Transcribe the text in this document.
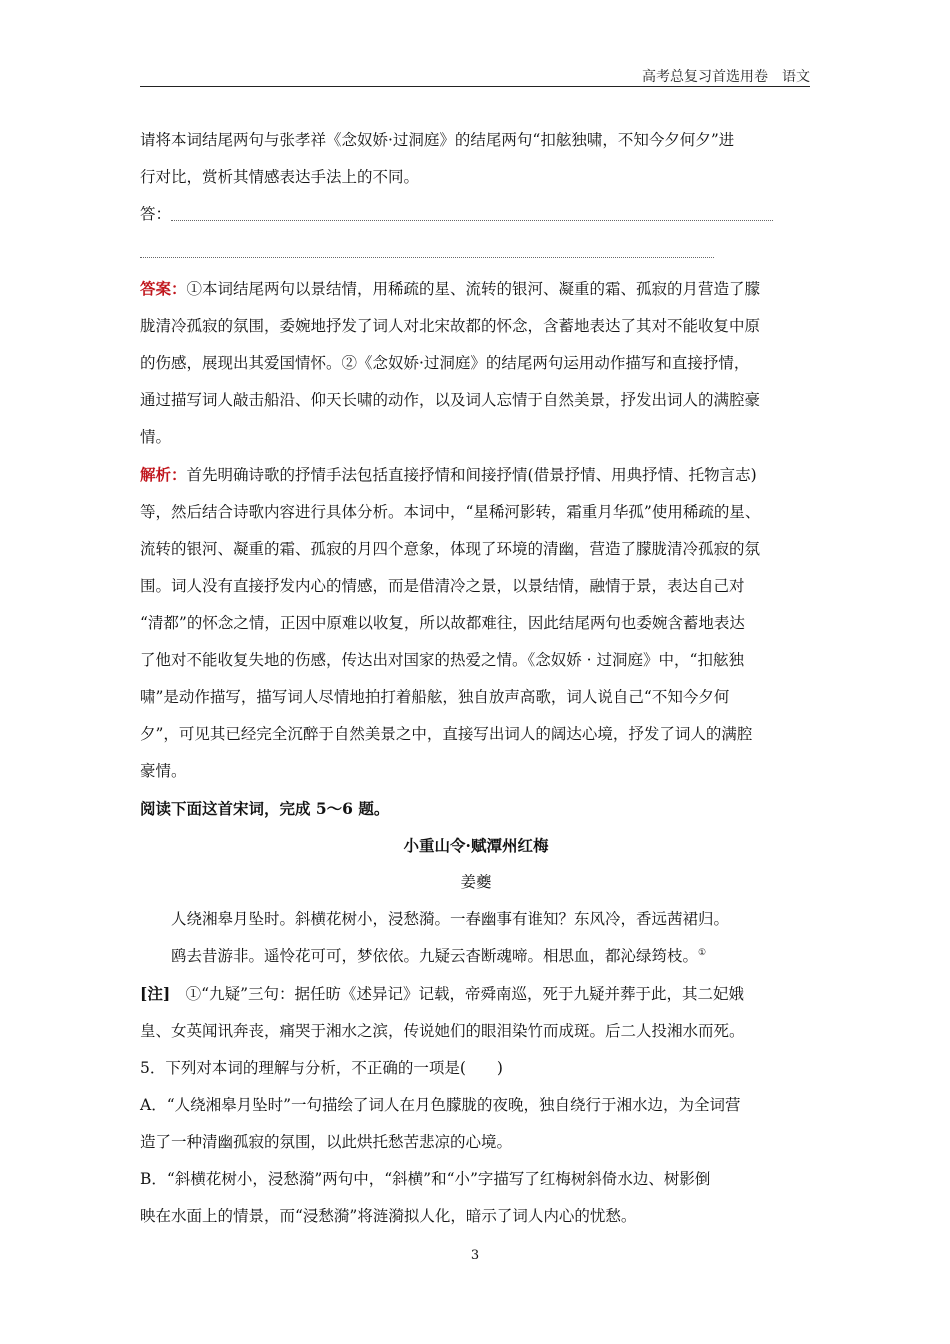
高考总复习首选用卷　语文

请将本词结尾两句与张孝祥《念奴娇·过洞庭》的结尾两句“扣舷独啸，不知今夕何夕”进

行对比，赏析其情感表达手法上的不同。

答：

答案：①本词结尾两句以景结情，用稀疏的星、流转的银河、凝重的霜、孤寂的月营造了朦

胧清冷孤寂的氛围，委婉地抒发了词人对北宋故都的怀念，含蓄地表达了其对不能收复中原

的伤感，展现出其爱国情怀。②《念奴娇·过洞庭》的结尾两句运用动作描写和直接抒情，

通过描写词人敲击船沿、仰天长啸的动作，以及词人忘情于自然美景，抒发出词人的满腔豪

情。

解析：首先明确诗歌的抒情手法包括直接抒情和间接抒情(借景抒情、用典抒情、托物言志)

等，然后结合诗歌内容进行具体分析。本词中，“星稀河影转，霜重月华孤”使用稀疏的星、

流转的银河、凝重的霜、孤寂的月四个意象，体现了环境的清幽，营造了朦胧清冷孤寂的氛

围。词人没有直接抒发内心的情感，而是借清冷之景，以景结情，融情于景，表达自己对

“清都”的怀念之情，正因中原难以收复，所以故都难往，因此结尾两句也委婉含蓄地表达

了他对不能收复失地的伤感，传达出对国家的热爱之情。《念奴娇 · 过洞庭》中，“扣舷独

啸”是动作描写，描写词人尽情地拍打着船舷，独自放声高歌，词人说自己“不知今夕何

夕”，可见其已经完全沉醉于自然美景之中，直接写出词人的阔达心境，抒发了词人的满腔

豪情。

阅读下面这首宋词，完成 5～6 题。

小重山令·赋潭州红梅

姜夔

人绕湘皋月坠时。斜横花树小，浸愁漪。一春幽事有谁知？东风冷，香远茜裙归。

鸥去昔游非。遥怜花可可，梦依依。九疑云杳断魂啼。相思血，都沁绿筠枝。①

[注]　①“九疑”三句：据任昉《述异记》记载，帝舜南巡，死于九疑并葬于此，其二妃娥

皇、女英闻讯奔丧，痛哭于湘水之滨，传说她们的眼泪染竹而成斑。后二人投湘水而死。

5．下列对本词的理解与分析，不正确的一项是(　　)

A．“人绕湘皋月坠时”一句描绘了词人在月色朦胧的夜晚，独自绕行于湘水边，为全词营

造了一种清幽孤寂的氛围，以此烘托愁苦悲凉的心境。

B．“斜横花树小，浸愁漪”两句中，“斜横”和“小”字描写了红梅树斜倚水边、树影倒

映在水面上的情景，而“浸愁漪”将涟漪拟人化，暗示了词人内心的忧愁。

3
